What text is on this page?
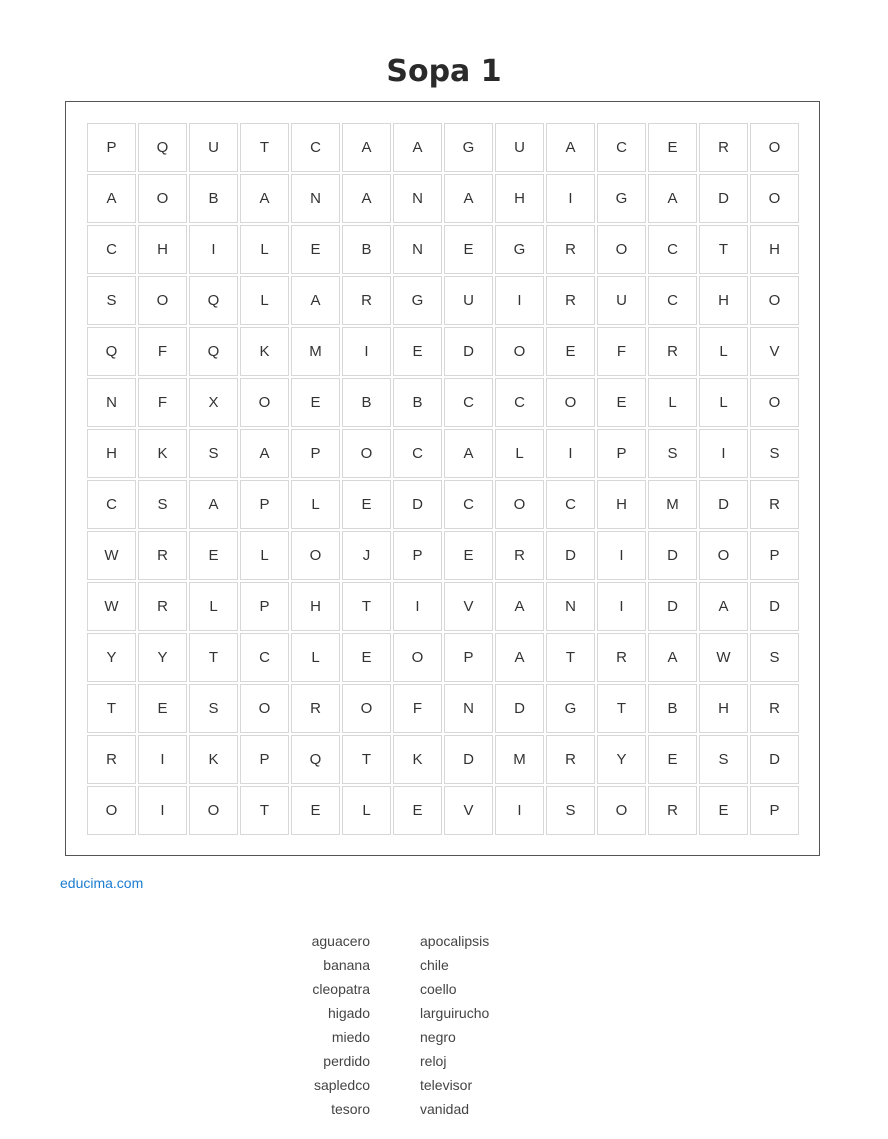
Sopa 1
P	Q	U	T	C	A	A	G	U	A	C	E	R	O
A	O	B	A	N	A	N	A	H	I	G	A	D	O
C	H	I	L	E	B	N	E	G	R	O	C	T	H
S	O	Q	L	A	R	G	U	I	R	U	C	H	O
Q	F	Q	K	M	I	E	D	O	E	F	R	L	V
N	F	X	O	E	B	B	C	C	O	E	L	L	O
H	K	S	A	P	O	C	A	L	I	P	S	I	S
C	S	A	P	L	E	D	C	O	C	H	M	D	R
W	R	E	L	O	J	P	E	R	D	I	D	O	P
W	R	L	P	H	T	I	V	A	N	I	D	A	D
Y	Y	T	C	L	E	O	P	A	T	R	A	W	S
T	E	S	O	R	O	F	N	D	G	T	B	H	R
R	I	K	P	Q	T	K	D	M	R	Y	E	S	D
O	I	O	T	E	L	E	V	I	S	O	R	E	P
educima.com
aguacero
banana
cleopatra
higado
miedo
perdido
sapledco
tesoro
apocalipsis
chile
coello
larguirucho
negro
reloj
televisor
vanidad
